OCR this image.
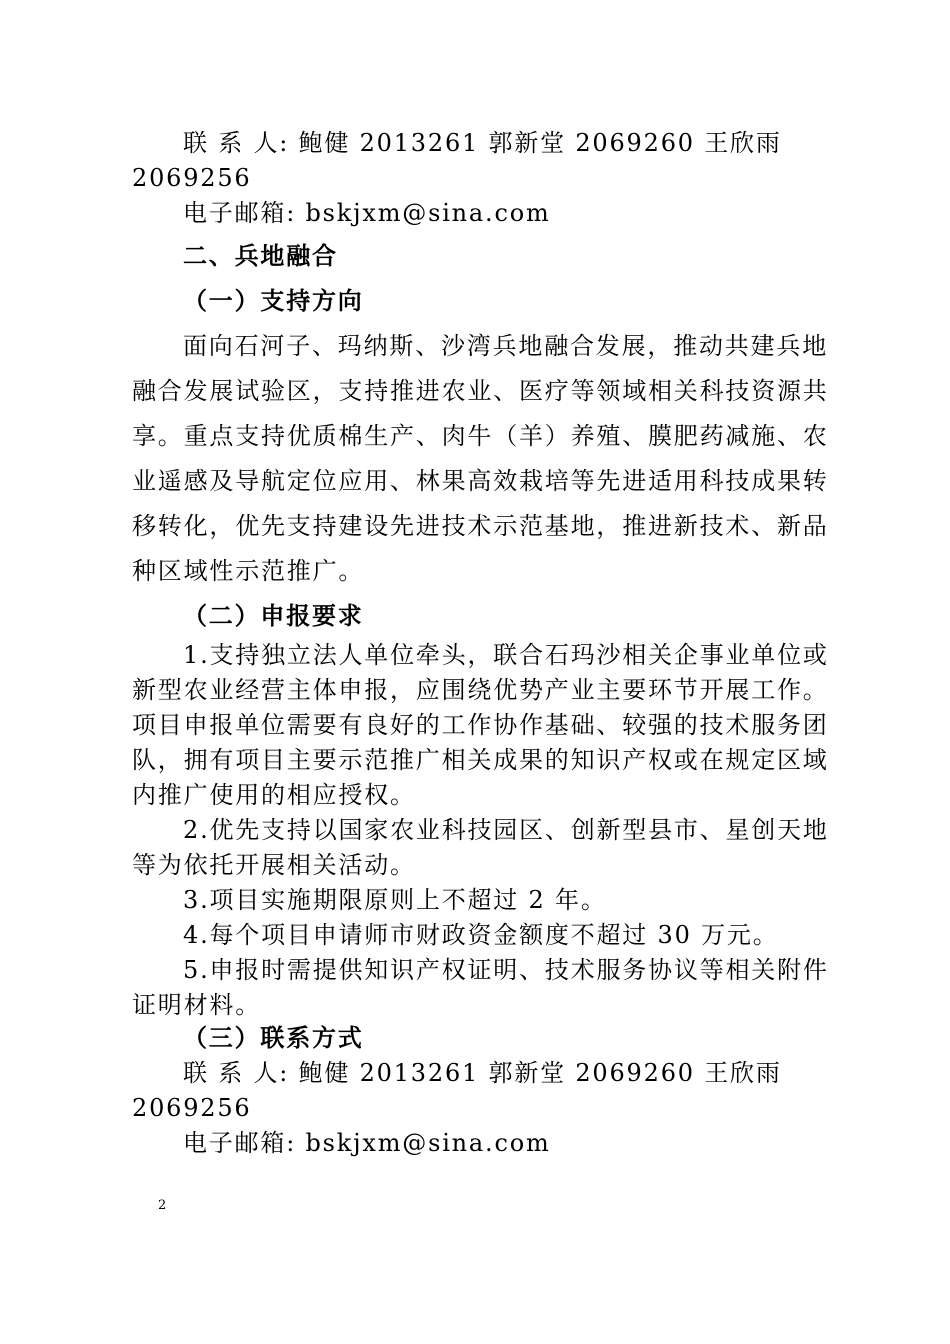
联 系 人: 鲍健 2013261 郭新堂 2069260 王欣雨
2069256
电子邮箱: bskjxm@sina.com
二、兵地融合
（一）支持方向
面向石河子、玛纳斯、沙湾兵地融合发展，推动共建兵地
融合发展试验区，支持推进农业、医疗等领域相关科技资源共
享。重点支持优质棉生产、肉牛（羊）养殖、膜肥药减施、农
业遥感及导航定位应用、林果高效栽培等先进适用科技成果转
移转化，优先支持建设先进技术示范基地，推进新技术、新品
种区域性示范推广。
（二）申报要求
1.支持独立法人单位牵头，联合石玛沙相关企事业单位或
新型农业经营主体申报，应围绕优势产业主要环节开展工作。
项目申报单位需要有良好的工作协作基础、较强的技术服务团
队，拥有项目主要示范推广相关成果的知识产权或在规定区域
内推广使用的相应授权。
2.优先支持以国家农业科技园区、创新型县市、星创天地
等为依托开展相关活动。
3.项目实施期限原则上不超过 2 年。
4.每个项目申请师市财政资金额度不超过 30 万元。
5.申报时需提供知识产权证明、技术服务协议等相关附件
证明材料。
（三）联系方式
联 系 人: 鲍健 2013261 郭新堂 2069260 王欣雨
2069256
电子邮箱: bskjxm@sina.com
2
